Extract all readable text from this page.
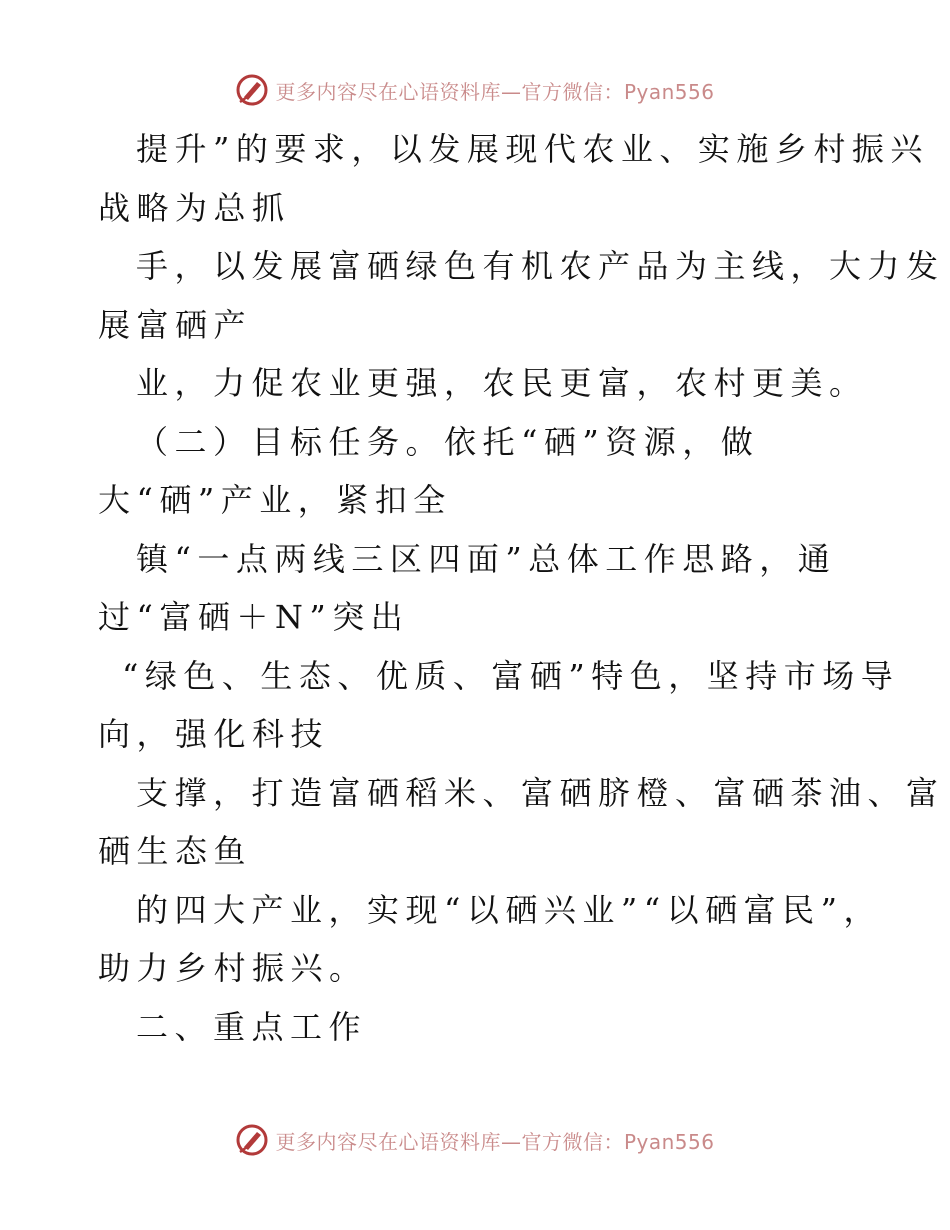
更多内容尽在心语资料库—官方微信：Pyan556
提升”的要求，以发展现代农业、实施乡村振兴
战略为总抓
手，以发展富硒绿色有机农产品为主线，大力发
展富硒产
业，力促农业更强，农民更富，农村更美。
（二）目标任务。依托“硒”资源，做
大“硒”产业，紧扣全
镇“一点两线三区四面”总体工作思路，通
过“富硒＋N”突出
“绿色、生态、优质、富硒”特色，坚持市场导
向，强化科技
支撑，打造富硒稻米、富硒脐橙、富硒茶油、富
硒生态鱼
的四大产业，实现“以硒兴业”“以硒富民”，
助力乡村振兴。
二、重点工作
更多内容尽在心语资料库—官方微信：Pyan556
